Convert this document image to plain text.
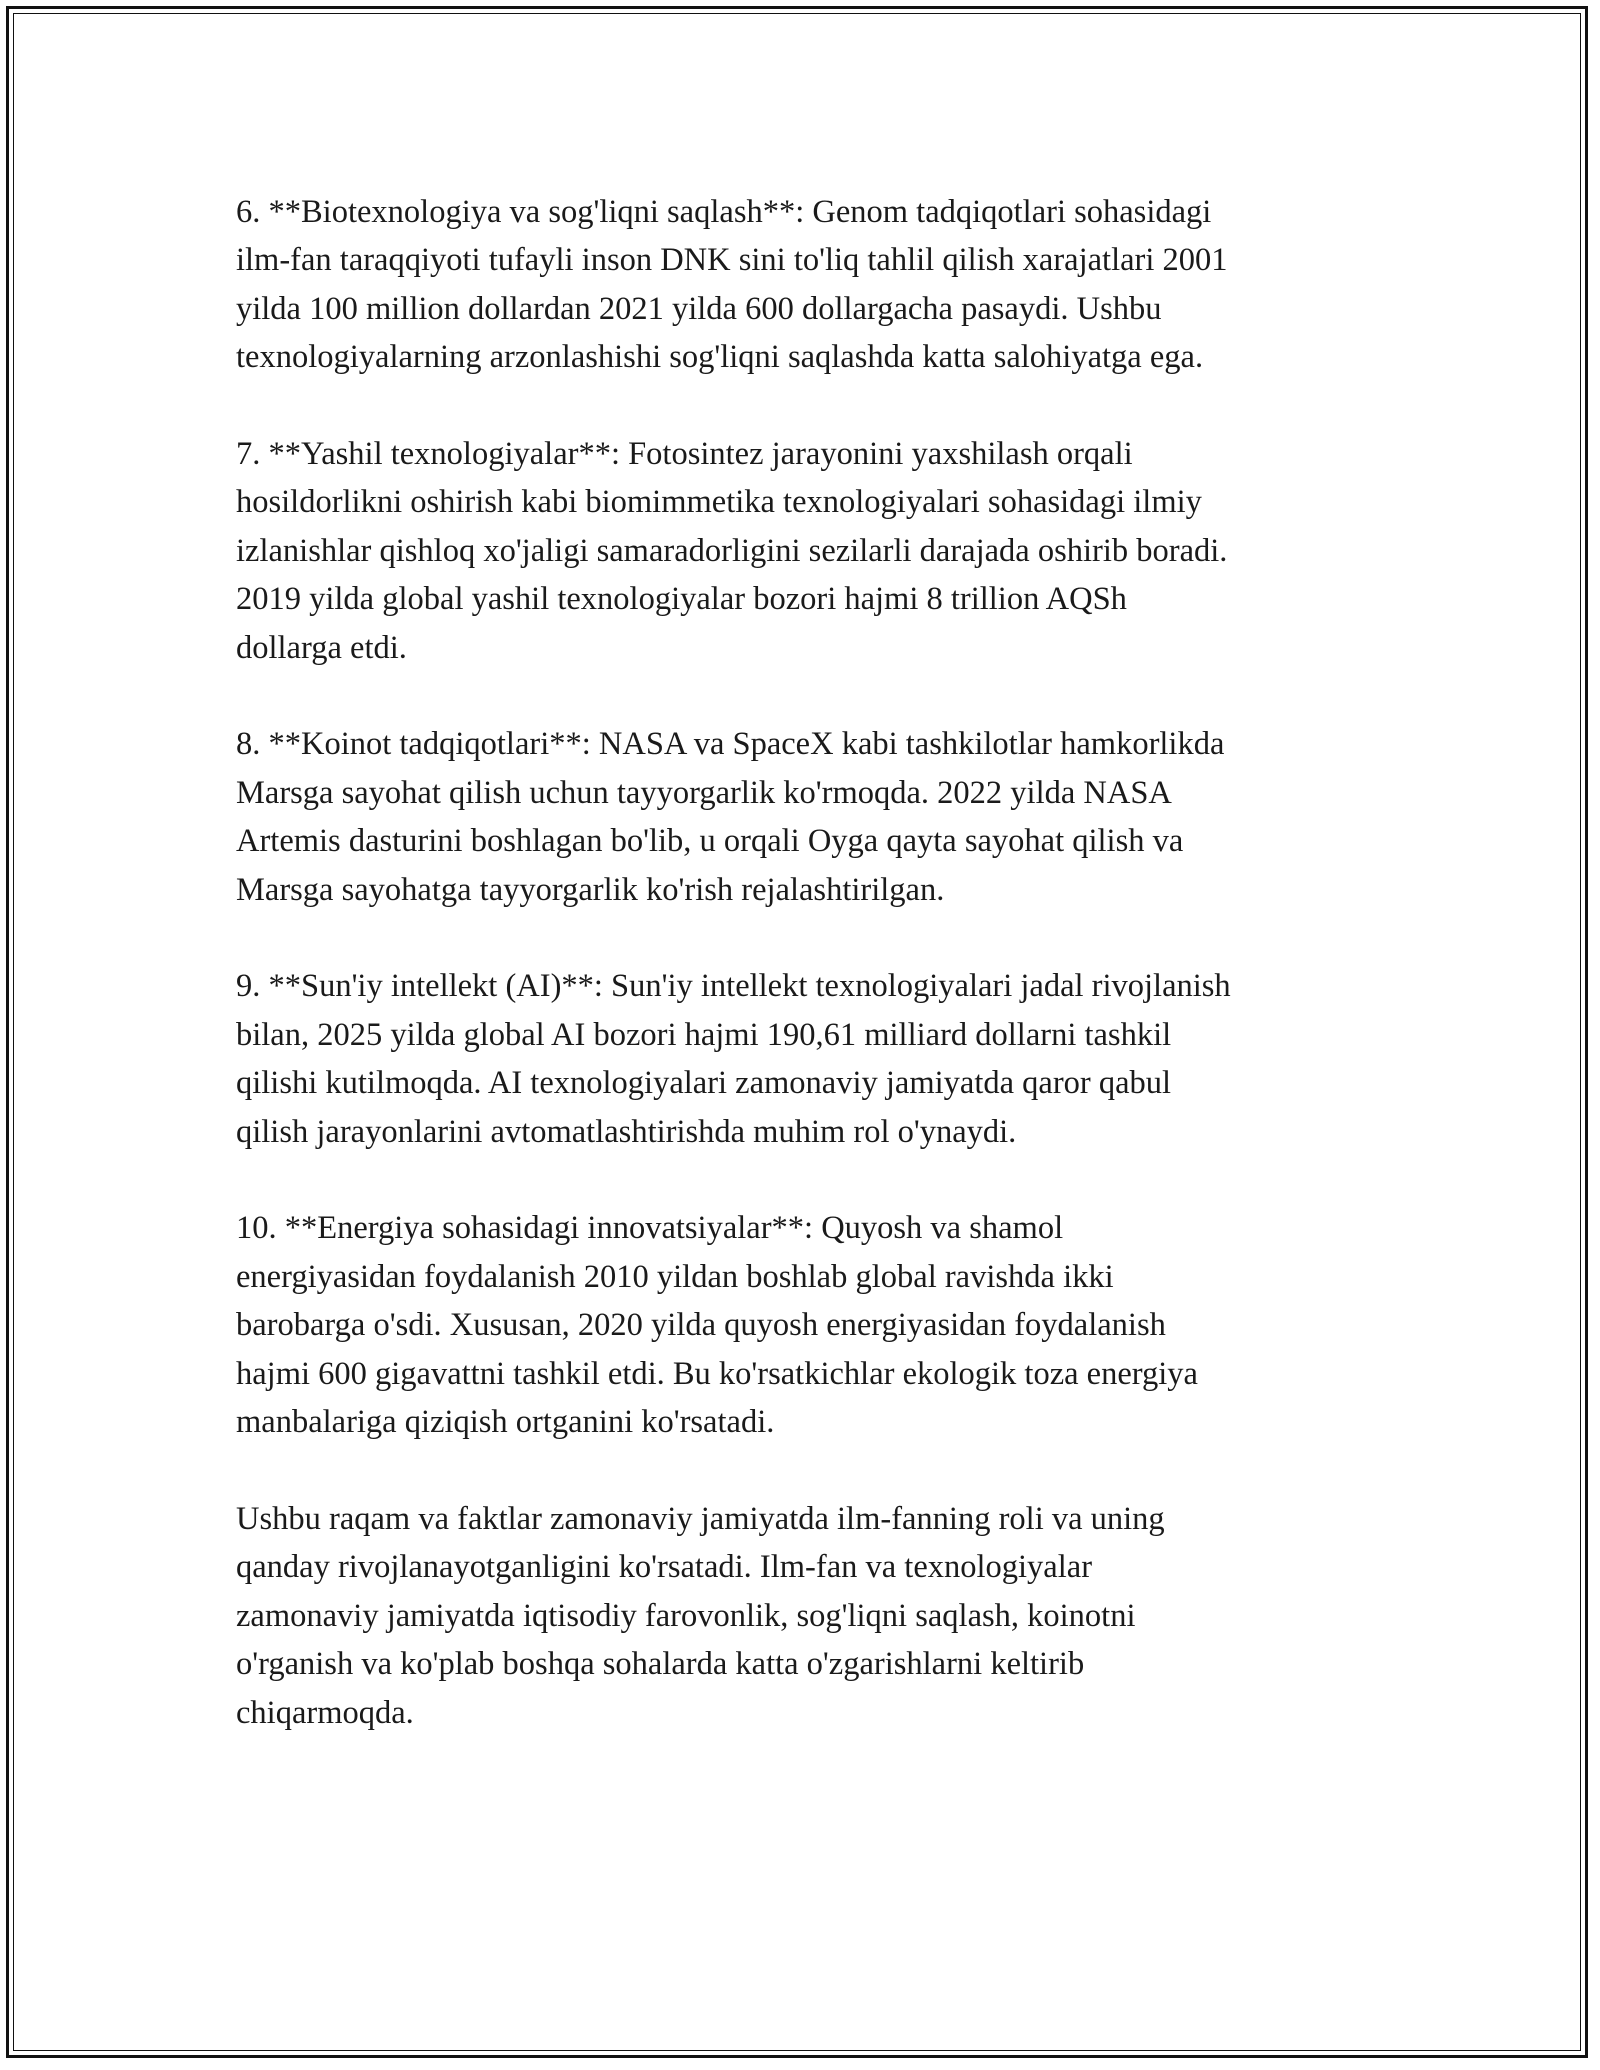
6. **Biotexnologiya va sog'liqni saqlash**: Genom tadqiqotlari sohasidagi
ilm-fan taraqqiyoti tufayli inson DNK sini to'liq tahlil qilish xarajatlari 2001
yilda 100 million dollardan 2021 yilda 600 dollargacha pasaydi. Ushbu
texnologiyalarning arzonlashishi sog'liqni saqlashda katta salohiyatga ega.

7. **Yashil texnologiyalar**: Fotosintez jarayonini yaxshilash orqali
hosildorlikni oshirish kabi biomimmetika texnologiyalari sohasidagi ilmiy
izlanishlar qishloq xo'jaligi samaradorligini sezilarli darajada oshirib boradi.
2019 yilda global yashil texnologiyalar bozori hajmi 8 trillion AQSh
dollarga etdi.

8. **Koinot tadqiqotlari**: NASA va SpaceX kabi tashkilotlar hamkorlikda
Marsga sayohat qilish uchun tayyorgarlik ko'rmoqda. 2022 yilda NASA
Artemis dasturini boshlagan bo'lib, u orqali Oyga qayta sayohat qilish va
Marsga sayohatga tayyorgarlik ko'rish rejalashtirilgan.

9. **Sun'iy intellekt (AI)**: Sun'iy intellekt texnologiyalari jadal rivojlanish
bilan, 2025 yilda global AI bozori hajmi 190,61 milliard dollarni tashkil
qilishi kutilmoqda. AI texnologiyalari zamonaviy jamiyatda qaror qabul
qilish jarayonlarini avtomatlashtirishda muhim rol o'ynaydi.

10. **Energiya sohasidagi innovatsiyalar**: Quyosh va shamol
energiyasidan foydalanish 2010 yildan boshlab global ravishda ikki
barobarga o'sdi. Xususan, 2020 yilda quyosh energiyasidan foydalanish
hajmi 600 gigavattni tashkil etdi. Bu ko'rsatkichlar ekologik toza energiya
manbalariga qiziqish ortganini ko'rsatadi.

Ushbu raqam va faktlar zamonaviy jamiyatda ilm-fanning roli va uning
qanday rivojlanayotganligini ko'rsatadi. Ilm-fan va texnologiyalar
zamonaviy jamiyatda iqtisodiy farovonlik, sog'liqni saqlash, koinotni
o'rganish va ko'plab boshqa sohalarda katta o'zgarishlarni keltirib
chiqarmoqda.
